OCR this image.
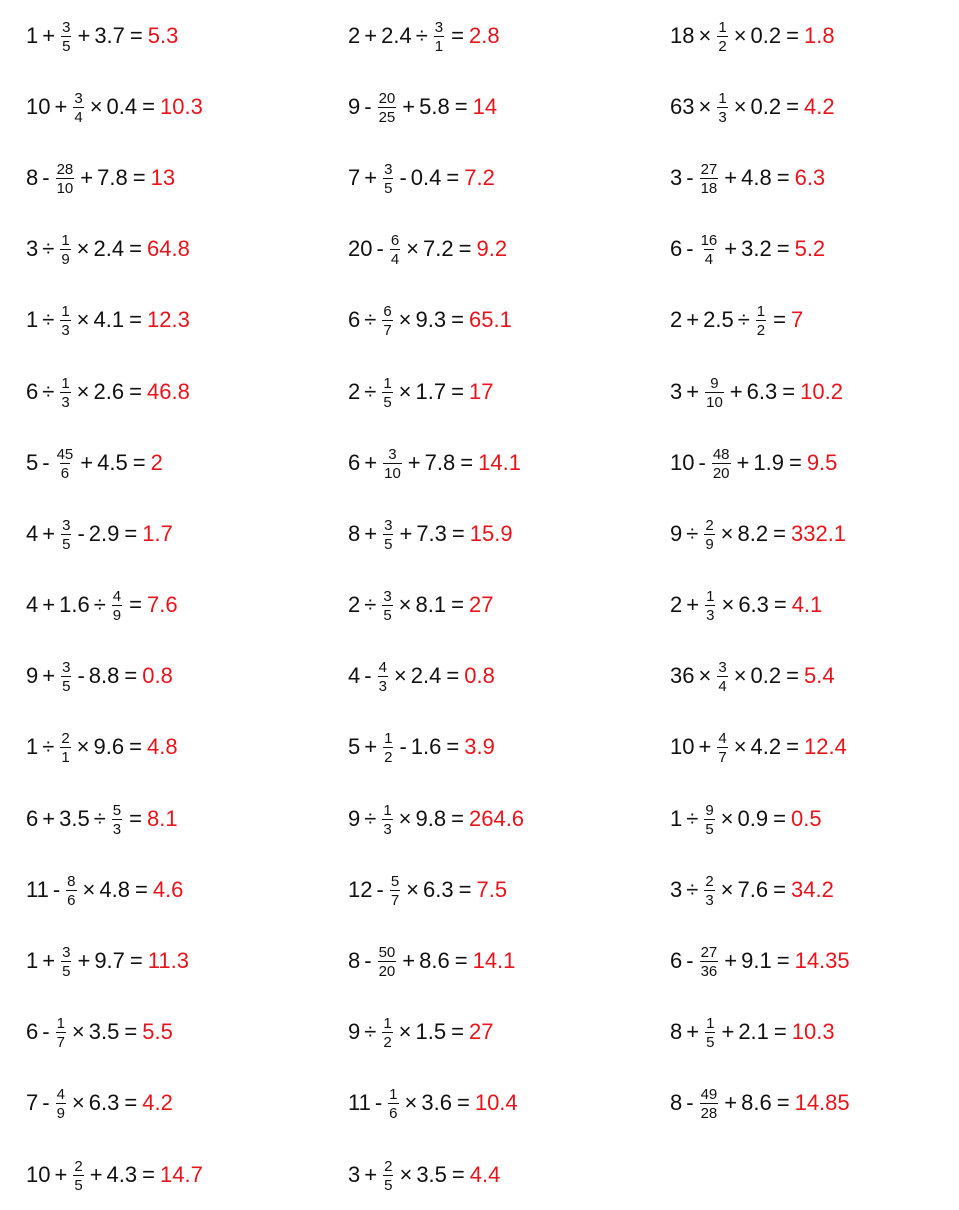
$1 + \frac{3}{5} + 3.7 = 5.3$	$2 + 2.4 \div \frac{3}{1} = 2.8$	$18 \times \frac{1}{2} \times 0.2 = 1.8$
$10 + \frac{3}{4} \times 0.4 = 10.3$	$9 - \frac{20}{25} + 5.8 = 14$	$63 \times \frac{1}{3} \times 0.2 = 4.2$
$8 - \frac{28}{10} + 7.8 = 13$	$7 + \frac{3}{5} - 0.4 = 7.2$	$3 - \frac{27}{18} + 4.8 = 6.3$
$3 \div \frac{1}{9} \times 2.4 = 64.8$	$20 - \frac{6}{4} \times 7.2 = 9.2$	$6 - \frac{16}{4} + 3.2 = 5.2$
$1 \div \frac{1}{3} \times 4.1 = 12.3$	$6 \div \frac{6}{7} \times 9.3 = 65.1$	$2 + 2.5 \div \frac{1}{2} = 7$
$6 \div \frac{1}{3} \times 2.6 = 46.8$	$2 \div \frac{1}{5} \times 1.7 = 17$	$3 + \frac{9}{10} + 6.3 = 10.2$
$5 - \frac{45}{6} + 4.5 = 2$	$6 + \frac{3}{10} + 7.8 = 14.1$	$10 - \frac{48}{20} + 1.9 = 9.5$
$4 + \frac{3}{5} - 2.9 = 1.7$	$8 + \frac{3}{5} + 7.3 = 15.9$	$9 \div \frac{2}{9} \times 8.2 = 332.1$
$4 + 1.6 \div \frac{4}{9} = 7.6$	$2 \div \frac{3}{5} \times 8.1 = 27$	$2 + \frac{1}{3} \times 6.3 = 4.1$
$9 + \frac{3}{5} - 8.8 = 0.8$	$4 - \frac{4}{3} \times 2.4 = 0.8$	$36 \times \frac{3}{4} \times 0.2 = 5.4$
$1 \div \frac{2}{1} \times 9.6 = 4.8$	$5 + \frac{1}{2} - 1.6 = 3.9$	$10 + \frac{4}{7} \times 4.2 = 12.4$
$6 + 3.5 \div \frac{5}{3} = 8.1$	$9 \div \frac{1}{3} \times 9.8 = 264.6$	$1 \div \frac{9}{5} \times 0.9 = 0.5$
$11 - \frac{8}{6} \times 4.8 = 4.6$	$12 - \frac{5}{7} \times 6.3 = 7.5$	$3 \div \frac{2}{3} \times 7.6 = 34.2$
$1 + \frac{3}{5} + 9.7 = 11.3$	$8 - \frac{50}{20} + 8.6 = 14.1$	$6 - \frac{27}{36} + 9.1 = 14.35$
$6 - \frac{1}{7} \times 3.5 = 5.5$	$9 \div \frac{1}{2} \times 1.5 = 27$	$8 + \frac{1}{5} + 2.1 = 10.3$
$7 - \frac{4}{9} \times 6.3 = 4.2$	$11 - \frac{1}{6} \times 3.6 = 10.4$	$8 - \frac{49}{28} + 8.6 = 14.85$
$10 + \frac{2}{5} + 4.3 = 14.7$	$3 + \frac{2}{5} \times 3.5 = 4.4$
